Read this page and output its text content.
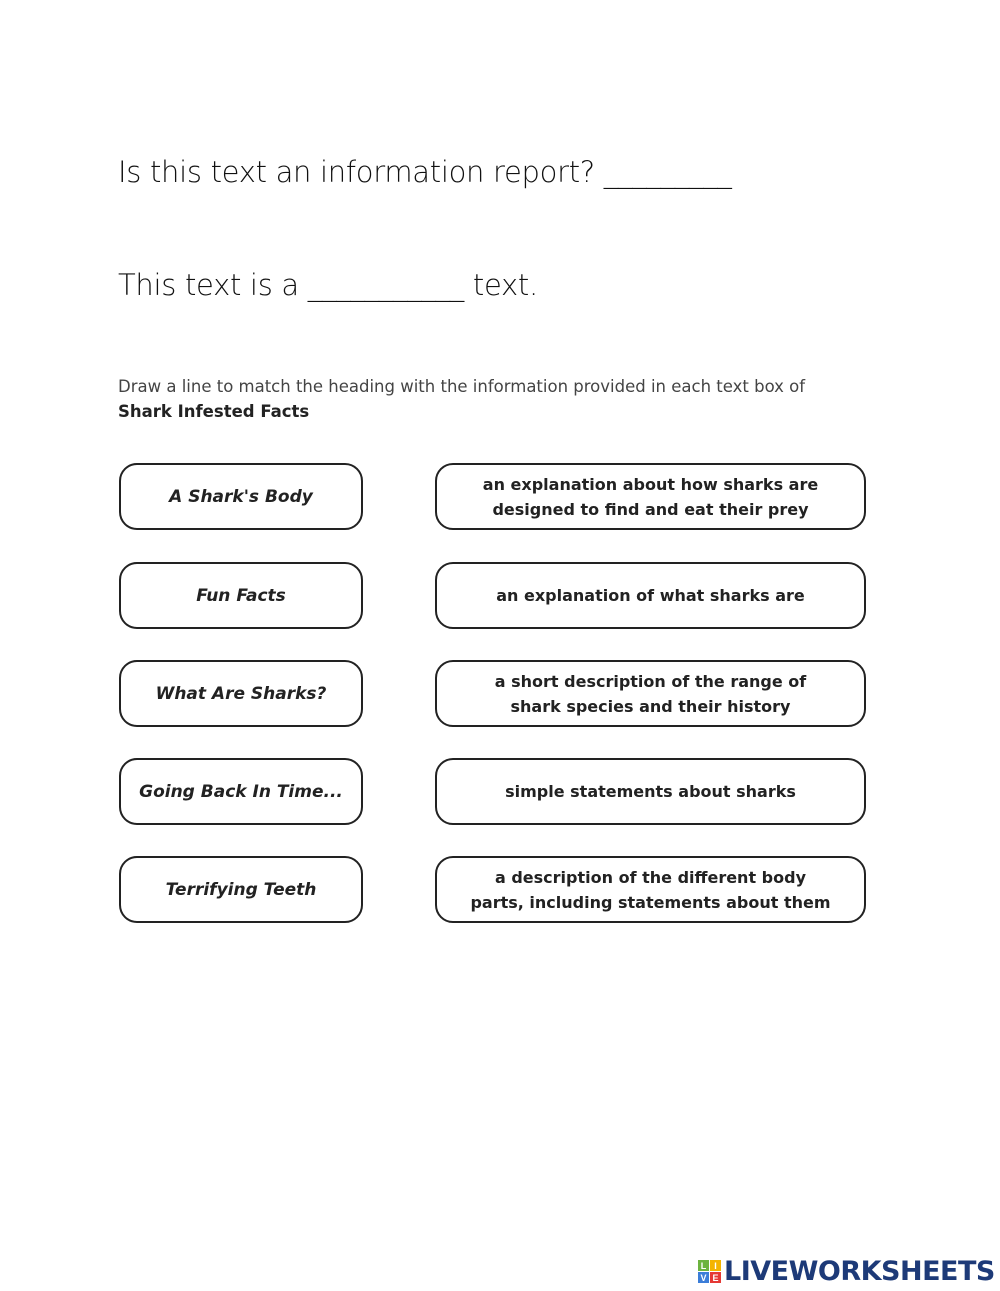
Is this text an information report? _________
This text is a ___________ text.
Draw a line to match the heading with the information provided in each text box of Shark Infested Facts
A Shark's Body
Fun Facts
What Are Sharks?
Going Back In Time...
Terrifying Teeth
an explanation about how sharks are designed to find and eat their prey
an explanation of what sharks are
a short description of the range of shark species and their history
simple statements about sharks
a description of the different body parts, including statements about them
L I
V E LIVEWORKSHEETS
